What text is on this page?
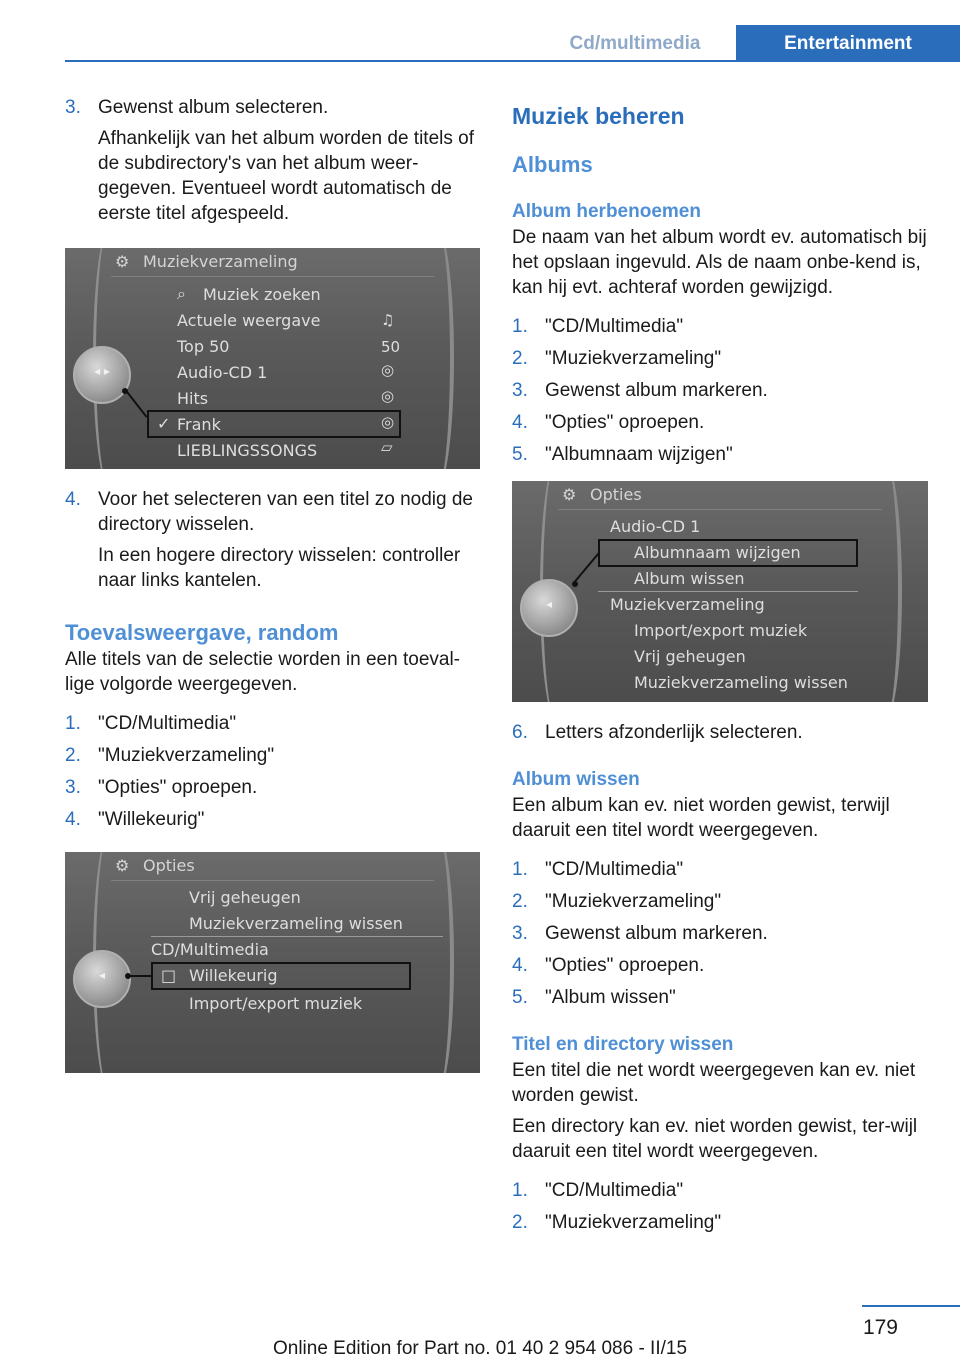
Cd/multimedia	Entertainment
3. Gewenst album selecteren.
Afhankelijk van het album worden de titels of de subdirectory's van het album weer-gegeven. Eventueel wordt automatisch de eerste titel afgespeeld.
⚙ Muziekverzameling
⌕ Muziek zoeken
Actuele weergave	♫
Top 50	50
Audio-CD 1	◎
Hits	◎
✓ Frank	◎
LIEBLINGSSONGS	▱
◂ ▸
4. Voor het selecteren van een titel zo nodig de directory wisselen.
In een hogere directory wisselen: controller naar links kantelen.
Toevalsweergave, random

Alle titels van de selectie worden in een toeval-lige volgorde weergegeven.

1. "CD/Multimedia"
2. "Muziekverzameling"
3. "Opties" oproepen.
4. "Willekeurig"
⚙ Opties
Vrij geheugen
Muziekverzameling wissen
CD/Multimedia
□ Willekeurig
Import/export muziek
◂
Muziek beheren
Albums
Album herbenoemen

De naam van het album wordt ev. automatisch bij het opslaan ingevuld. Als de naam onbe-kend is, kan hij evt. achteraf worden gewijzigd.

1. "CD/Multimedia"
2. "Muziekverzameling"
3. Gewenst album markeren.
4. "Opties" oproepen.
5. "Albumnaam wijzigen"
⚙ Opties
Audio-CD 1
Albumnaam wijzigen
Album wissen
Muziekverzameling
Import/export muziek
Vrij geheugen
Muziekverzameling wissen
◂
6. Letters afzonderlijk selecteren.
Album wissen

Een album kan ev. niet worden gewist, terwijl daaruit een titel wordt weergegeven.

1. "CD/Multimedia"
2. "Muziekverzameling"
3. Gewenst album markeren.
4. "Opties" oproepen.
5. "Album wissen"
Titel en directory wissen

Een titel die net wordt weergegeven kan ev. niet worden gewist.

Een directory kan ev. niet worden gewist, ter-wijl daaruit een titel wordt weergegeven.

1. "CD/Multimedia"
2. "Muziekverzameling"
179
Online Edition for Part no. 01 40 2 954 086 - II/15
